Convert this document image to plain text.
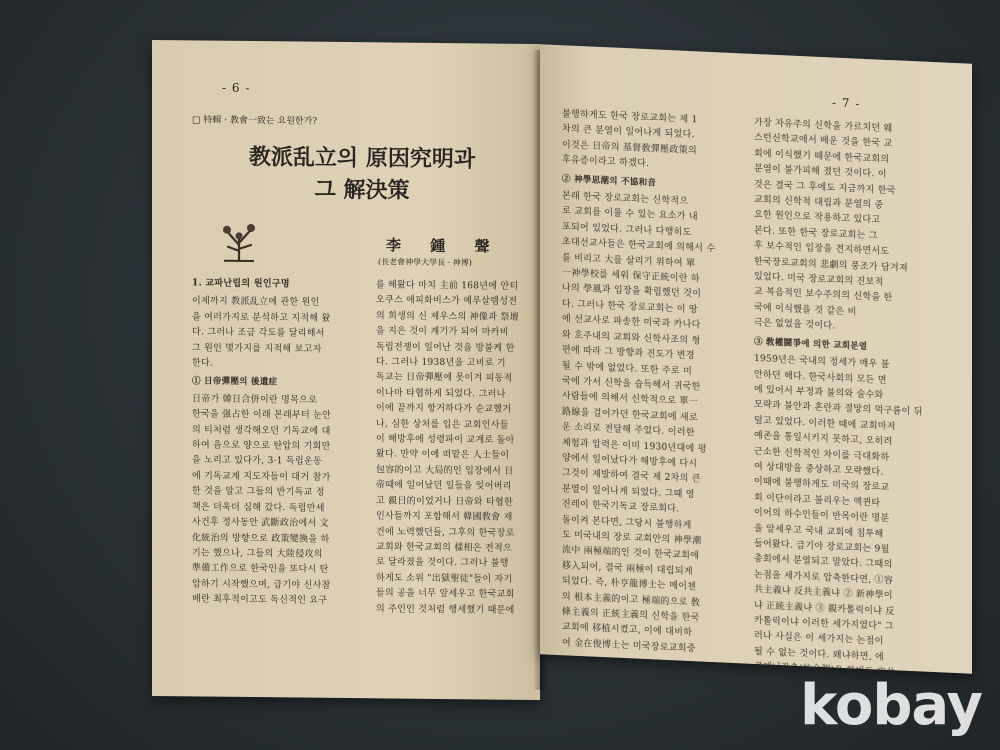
- 6 -
□ 特輯 · 教會一致는 요원한가?
教派乱立의 原因究明과
그 解決策
李 鍾 聲
(長老會神學大學長 · 神博)
1. 교파난립의 원인구명

이제까지 教派乱立에 관한 원인

을 여러가지로 분석하고 지적해 왔

다. 그러나 조금 각도를 달리해서

그 원인 몇가지를 지적해 보고자

한다.

① 日帝彈壓의 後遺症

日帝가 韓日合併이란 명목으로

한국을 强占한 이래 본래부터 눈안

의 티처럼 생각해오던 기독교에 대

하여 음으로 양으로 탄압의 기회만

을 노리고 있다가, 3·1 독립운동

에 기독교계 지도자들이 대거 참가

한 것을 알고 그들의 반기독교 정

책은 더욱더 심해 갔다. 독립만세

사건후 정사동안 武斷政治에서 文

化統治의 방향으로 政策變換을 하

기는 했으나, 그들의 大陸侵攻의

準備工作으로 한국인을 또다시 탄

압하기 시작했으며, 급기야 신사참

배란 최후적이고도 독신적인 요구

를 해왔다 마치 主前 168년에 안티

오쿠스 에피화비스가 예루살렘성전

의 희생의 신 제우스의 神像과 祭壇

을 지은 것이 계기가 되어 마카비

독립전쟁이 일어난 것을 방불케 한

다. 그러나 1938년을 고비로 기

독교는 日帝彈壓에 못이겨 피동적

이나마 타협하게 되었다. 그러나

이에 끝까지 항거하다가 순교했거

나, 심한 상처를 입은 교회인사들

이 해방후에 성령파이 교계로 돌아

왔다. 만약 이에 떠맡은 人士들이

包容的이고 大局的인 입장에서 日

帝때에 일어났던 일들을 잊어버리

고 親日的이었거나 日帝와 타협한

인사들까지 포함해서 韓國敎會 재

건에 노력했던들, 그후의 한국장로

교회와 한국교회의 樣相은 전적으

로 달라졌을 것이다. 그러나 불행

하게도 소위 "出獄聖徒"들이 자기

들의 공을 너무 앞세우고 한국교회

의 주인인 것처럼 행세했기 때문에

- 7 -

불행하게도 한국 장로교회는 제 1

차의 큰 분열이 일어나게 되었다.

이것은 日帝의 基督敎彈壓政策의

후유증이라고 하겠다.

② 神學思潮의 不協和音

본래 한국 장로교회는 신학적으

로 교회를 이룰 수 있는 요소가 내

포되어 있었다. 그러나 다행히도

초대선교사들은 한국교회에 의해서 수

를 비리고 大를 살리기 위하여 單

一神學校를 세워 保守正統이란 하

나의 學風과 입장을 확립했던 것이

다. 그러나 한국 장로교회는 이 땅

에 선교사로 파송한 미국과 카나다

와 호주내의 교회와 신학사조의 형

편에 따라 그 방향과 진도가 변경

될 수 밖에 없었다. 또한 주로 미

국에 가서 신학을 습득해서 귀국한

사람들에 의해서 신학적으로 單一

路線을 걸어가던 한국교회에 새로

운 소리로 전달해 주었다. 이러한

체험과 압력은 이미 1930년대에 평

양에서 일어났다가 해방후에 다시

그것이 재발하여 결국 제 2차의 큰

분열이 일어나게 되었다. 그때 영

진레이 한국기독교 장로회다.

돌이켜 본다면, 그당시 불행하게

도 미국내의 장로 교회안의 神學潮

流中 兩極端的인 것이 한국교회에

移入되어, 결국 兩極이 대립되게

되었다. 즉, 朴亨龍博士는 메이첸

의 根本主義的이고 極端的으로 敎

條主義의 正統主義의 신학을 한국

교회에 移植시켰고, 이에 대비하

여 金在俊博士는 미국장로교회중

가장 자유주의 신학을 가르치던 웨

스턴신학교에서 배운 것을 한국 교

회에 이식했기 때문에 한국교회의

분열이 불가피해 졌던 것이다. 이

것은 결국 그 후에도 지금까지 한국

교회의 신학적 대립과 분열의 중

요한 원인으로 작용하고 있다고

본다. 또한 한국 장로교회는 그

후 보수적인 입장을 견지하면서도

한국장로교회의 悲劇의 풍조가 담겨져

있었다. 미국 장로교회의 진보적

교 복음적인 보수주의의 신학을 한

국에 이식했을 것 같은 비

극은 없었을 것이다.

③ 敎權鬪爭에 의한 교회분열

1959년은 국내의 정세가 매우 불

안하던 해다. 한국사회의 모든 면

에 있어서 부정과 불의와 술수와

모략과 불안과 혼란과 절망의 먹구름이 뒤

덮고 있었다. 이러한 때에 교회마저

예존을 통일시키지 못하고, 오히려

근소한 신학적인 차이를 극대화하

여 상대방을 중상하고 모략했다.

이때에 불행하게도 미국의 장로교

회 이단이라고 불리우는 엑퀸타

이어의 하수인들이 반목이란 명분

을 앞세우고 국내 교회에 침투해

들어왔다. 급기야 장로교회는 9월

총회에서 분열되고 말았다. 그때의

논점을 세가지로 압축한다면, ①容

共主義냐 反共主義냐 ② 新神學이

냐 正統主義냐 ③ 親카톨릭이냐 反

카톨릭이냐 이러한 세가지였다" 그

러나 사실은 이 세가지는 논점이

될 수 없는 것이다. 왜냐하면, 에

큐메니칼측(統合側)은 한번도 容共

kobay
